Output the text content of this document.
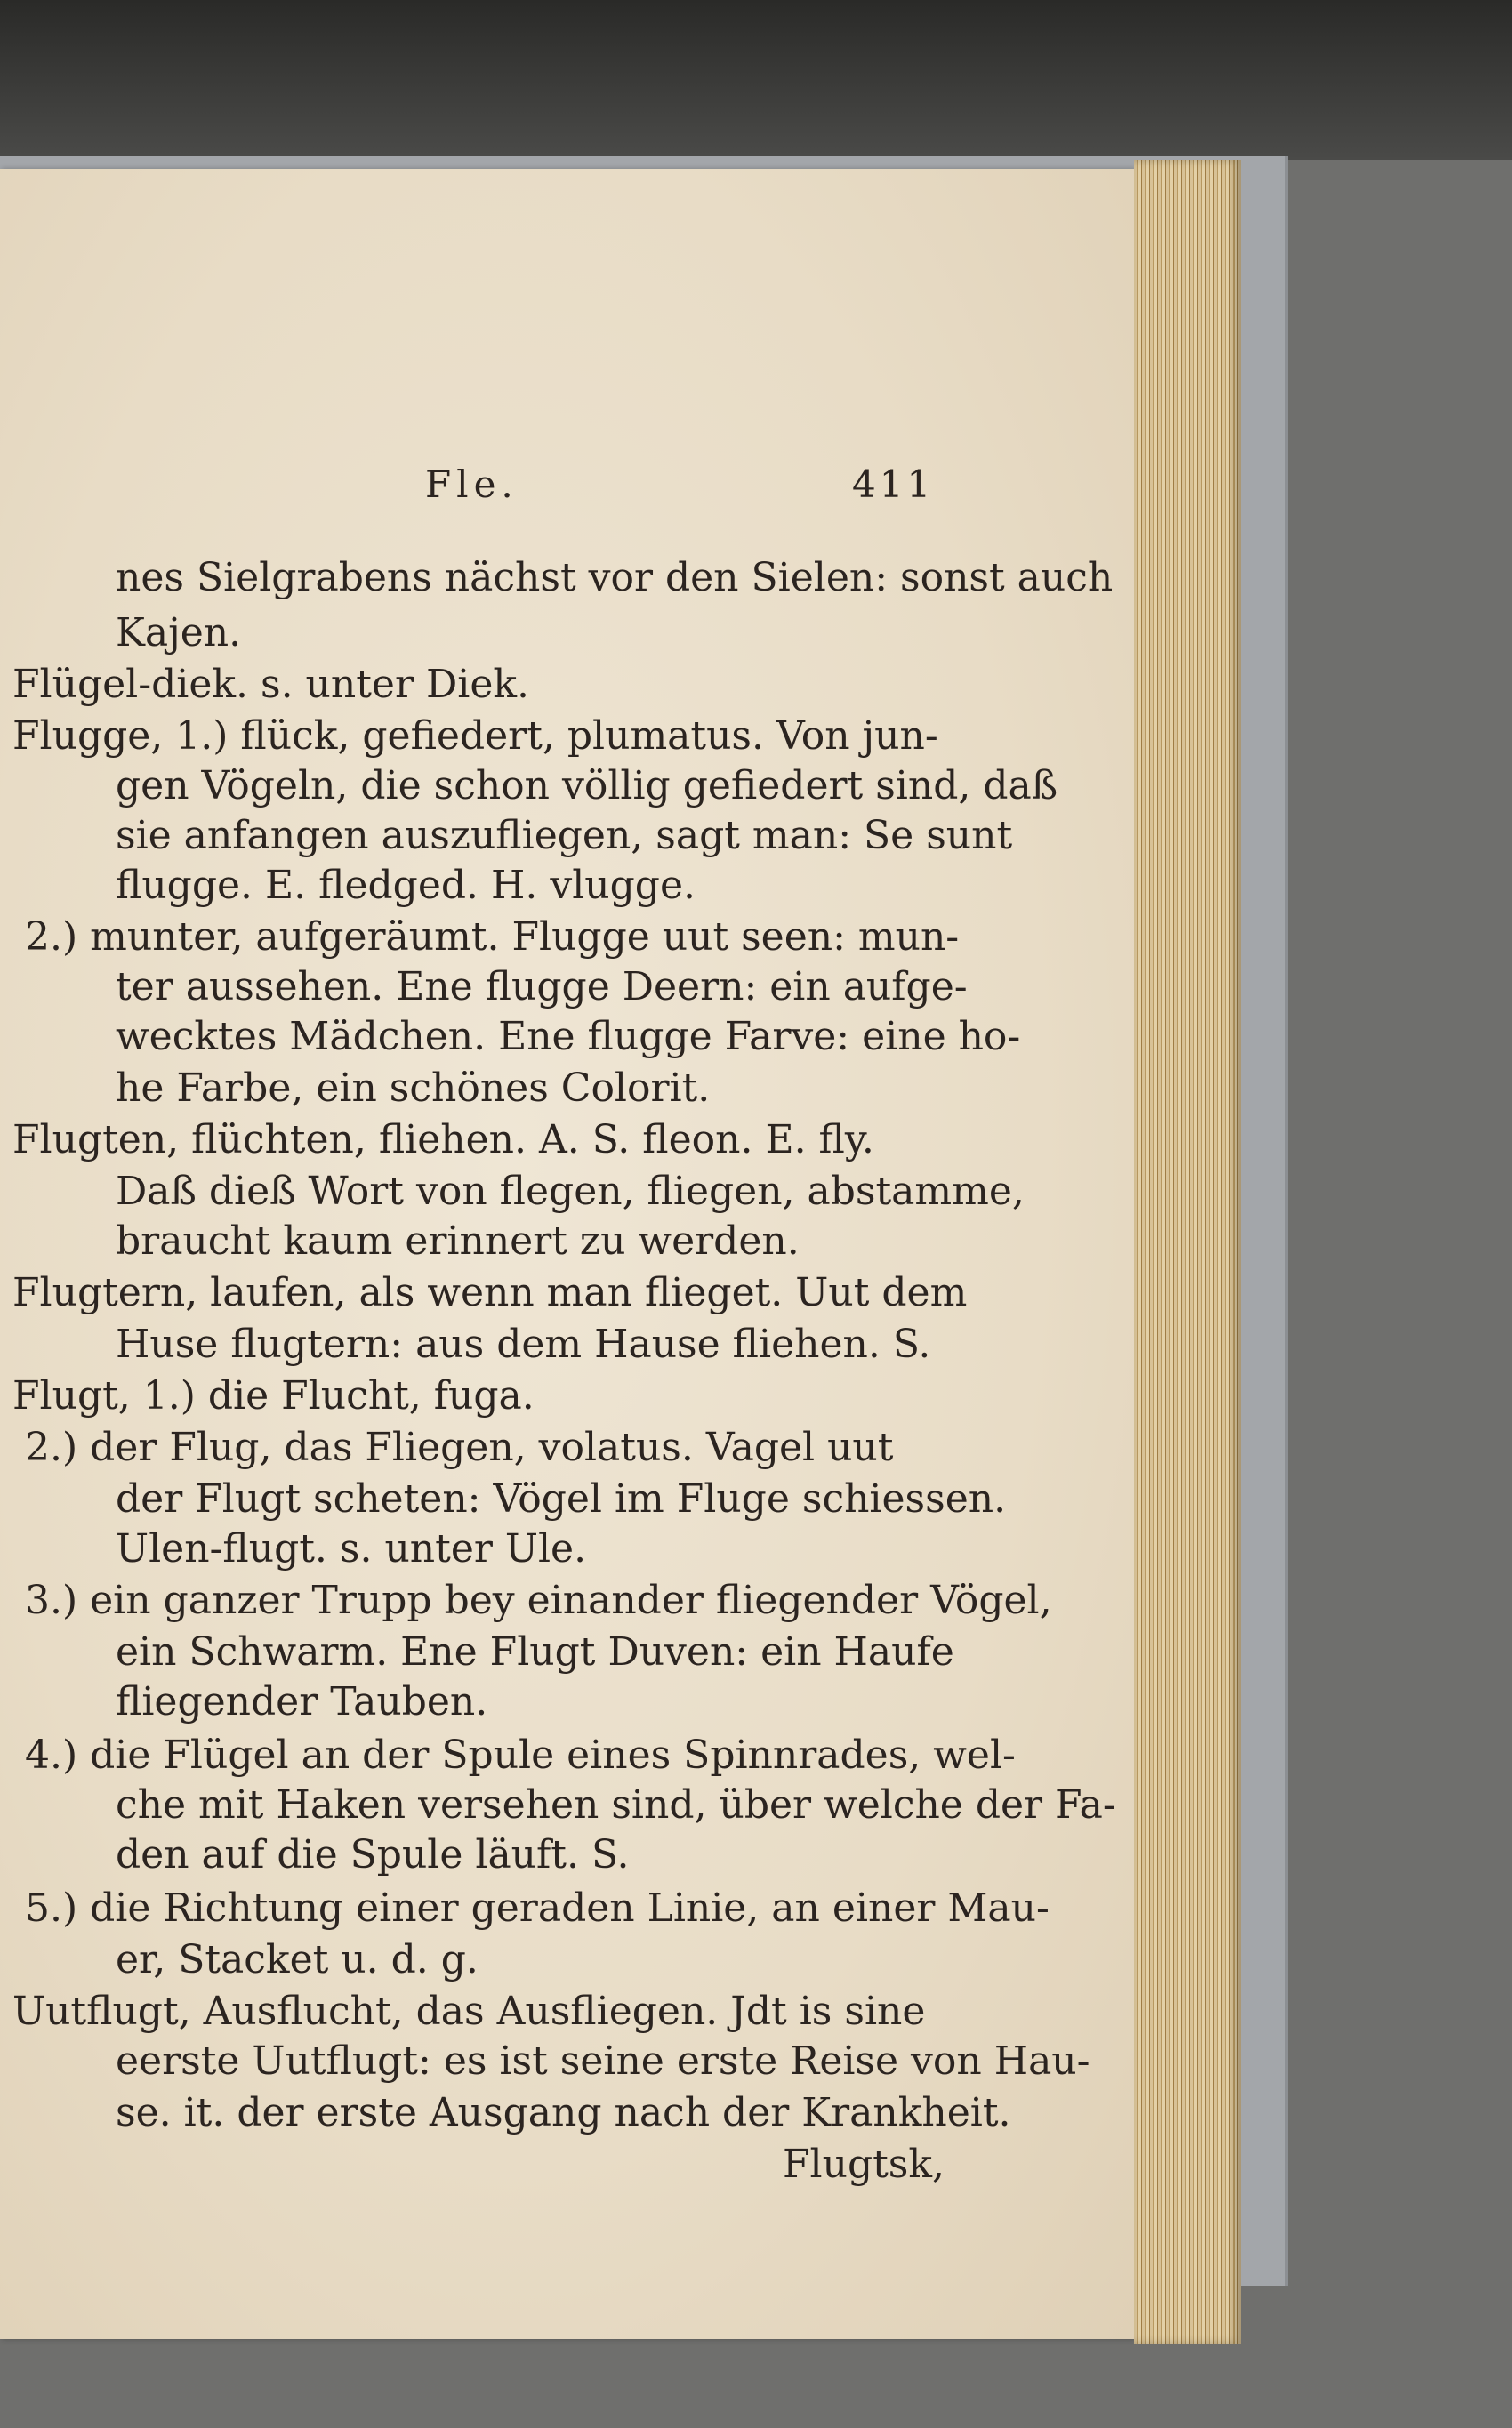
Fle.	411
nes Sielgrabens nächst vor den Sielen: sonst auch
Kajen.
Flügel-diek. s. unter Diek.
Flugge, 1.) flück, gefiedert, plumatus. Von jun-
gen Vögeln, die schon völlig gefiedert sind, daß
sie anfangen auszufliegen, sagt man: Se sunt
flugge. E. fledged. H. vlugge.
2.) munter, aufgeräumt. Flugge uut seen: mun-
ter aussehen. Ene flugge Deern: ein aufge-
wecktes Mädchen. Ene flugge Farve: eine ho-
he Farbe, ein schönes Colorit.
Flugten, flüchten, fliehen. A. S. fleon. E. fly.
Daß dieß Wort von flegen, fliegen, abstamme,
braucht kaum erinnert zu werden.
Flugtern, laufen, als wenn man flieget. Uut dem
Huse flugtern: aus dem Hause fliehen. S.
Flugt, 1.) die Flucht, fuga.
2.) der Flug, das Fliegen, volatus. Vagel uut
der Flugt scheten: Vögel im Fluge schiessen.
Ulen-flugt. s. unter Ule.
3.) ein ganzer Trupp bey einander fliegender Vögel,
ein Schwarm. Ene Flugt Duven: ein Haufe
fliegender Tauben.
4.) die Flügel an der Spule eines Spinnrades, wel-
che mit Haken versehen sind, über welche der Fa-
den auf die Spule läuft. S.
5.) die Richtung einer geraden Linie, an einer Mau-
er, Stacket u. d. g.
Uutflugt, Ausflucht, das Ausfliegen. Jdt is sine
eerste Uutflugt: es ist seine erste Reise von Hau-
se. it. der erste Ausgang nach der Krankheit.
Flugtsk,
